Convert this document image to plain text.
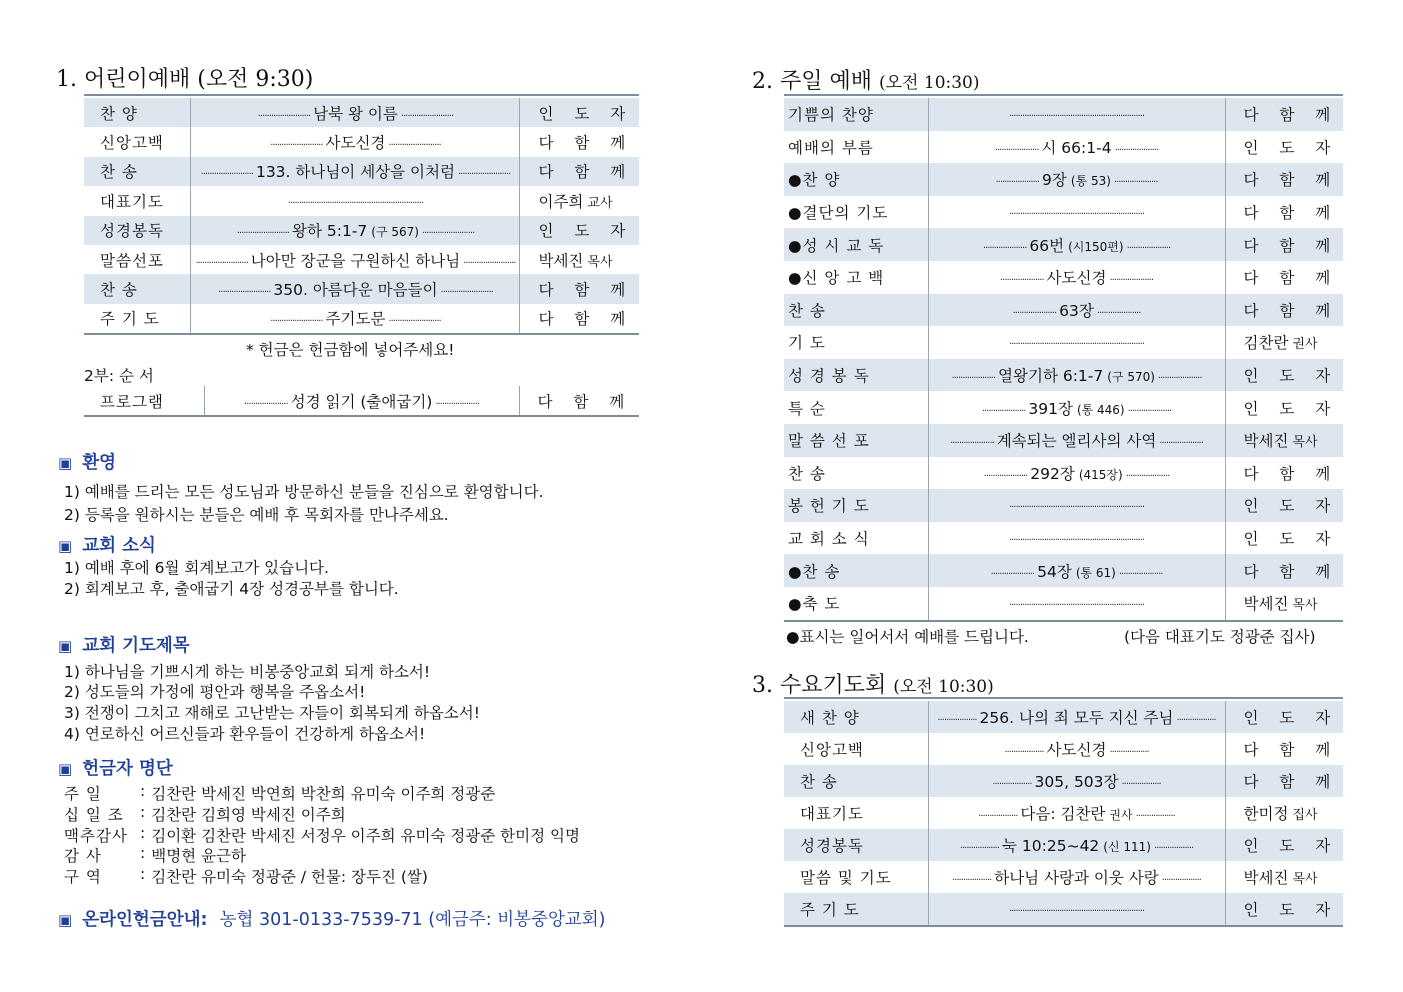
1. 어린이예배 (오전 9:30)
찬 양	························ 남북 왕 이름 ························	인 도 자
신앙고백	························ 사도신경 ························	다 함 께
찬 송	························ 133. 하나님이 세상을 이처럼 ························	다 함 께
대표기도	······························································	이주희 교사
성경봉독	························ 왕하 5:1-7 (구 567) ························	인 도 자
말씀선포	························ 나아만 장군을 구원하신 하나님 ························	박세진 목사
찬 송	························ 350. 아름다운 마음들이 ························	다 함 께
주 기 도	························ 주기도문 ························	다 함 께
* 헌금은 헌금함에 넣어주세요!
2부: 순 서
프로그램	···················· 성경 읽기 (출애굽기) ····················	다 함 께
▣ 환영
1) 예배를 드리는 모든 성도님과 방문하신 분들을 진심으로 환영합니다.
2) 등록을 원하시는 분들은 예배 후 목회자를 만나주세요.
▣ 교회 소식
1) 예배 후에 6월 회계보고가 있습니다.
2) 회계보고 후, 출애굽기 4장 성경공부를 합니다.
▣ 교회 기도제목
1) 하나님을 기쁘시게 하는 비봉중앙교회 되게 하소서!
2) 성도들의 가정에 평안과 행복을 주옵소서!
3) 전쟁이 그치고 재해로 고난받는 자들이 회복되게 하옵소서!
4) 연로하신 어르신들과 환우들이 건강하게 하옵소서!
▣ 헌금자 명단
주 일	: 김찬란 박세진 박연희 박찬희 유미숙 이주희 정광준
십 일 조	: 김찬란 김희영 박세진 이주희
맥추감사 : 김이환 김찬란 박세진 서정우 이주희 유미숙 정광준 한미정 익명
감 사	: 백명현 윤근하
구 역	: 김찬란 유미숙 정광준 / 헌물: 장두진 (쌀)
▣ 온라인헌금안내: 농협 301-0133-7539-71 (예금주: 비봉중앙교회)
2. 주일 예배 (오전 10:30)
기쁨의 찬양	······························································	다 함 께
예배의 부름	···················· 시 66:1-4 ····················	인 도 자
●찬 양	···················· 9장 (통 53) ····················	다 함 께
●결단의 기도	······························································	다 함 께
●성 시 교 독	···················· 66번 (시150편) ····················	다 함 께
●신 앙 고 백	···················· 사도신경 ····················	다 함 께
찬 송	···················· 63장 ····················	다 함 께
기 도	······························································	김찬란 권사
성 경 봉 독	···················· 열왕기하 6:1-7 (구 570) ····················	인 도 자
특 순	···················· 391장 (통 446) ····················	인 도 자
말 씀 선 포	···················· 계속되는 엘리사의 사역 ····················	박세진 목사
찬 송	···················· 292장 (415장) ····················	다 함 께
봉 헌 기 도	······························································	인 도 자
교 회 소 식	······························································	인 도 자
●찬 송	···················· 54장 (통 61) ····················	다 함 께
●축 도	······························································	박세진 목사
●표시는 일어서서 예배를 드립니다.	(다음 대표기도 정광준 집사)
3. 수요기도회 (오전 10:30)
새 찬 양	·················· 256. 나의 죄 모두 지신 주님 ··················	인 도 자
신앙고백	·················· 사도신경 ··················	다 함 께
찬 송	·················· 305, 503장 ··················	다 함 께
대표기도	·················· 다음: 김찬란 권사 ··················	한미정 집사
성경봉독	·················· 눅 10:25~42 (신 111) ··················	인 도 자
말씀 및 기도	·················· 하나님 사랑과 이웃 사랑 ··················	박세진 목사
주 기 도	······························································	인 도 자
